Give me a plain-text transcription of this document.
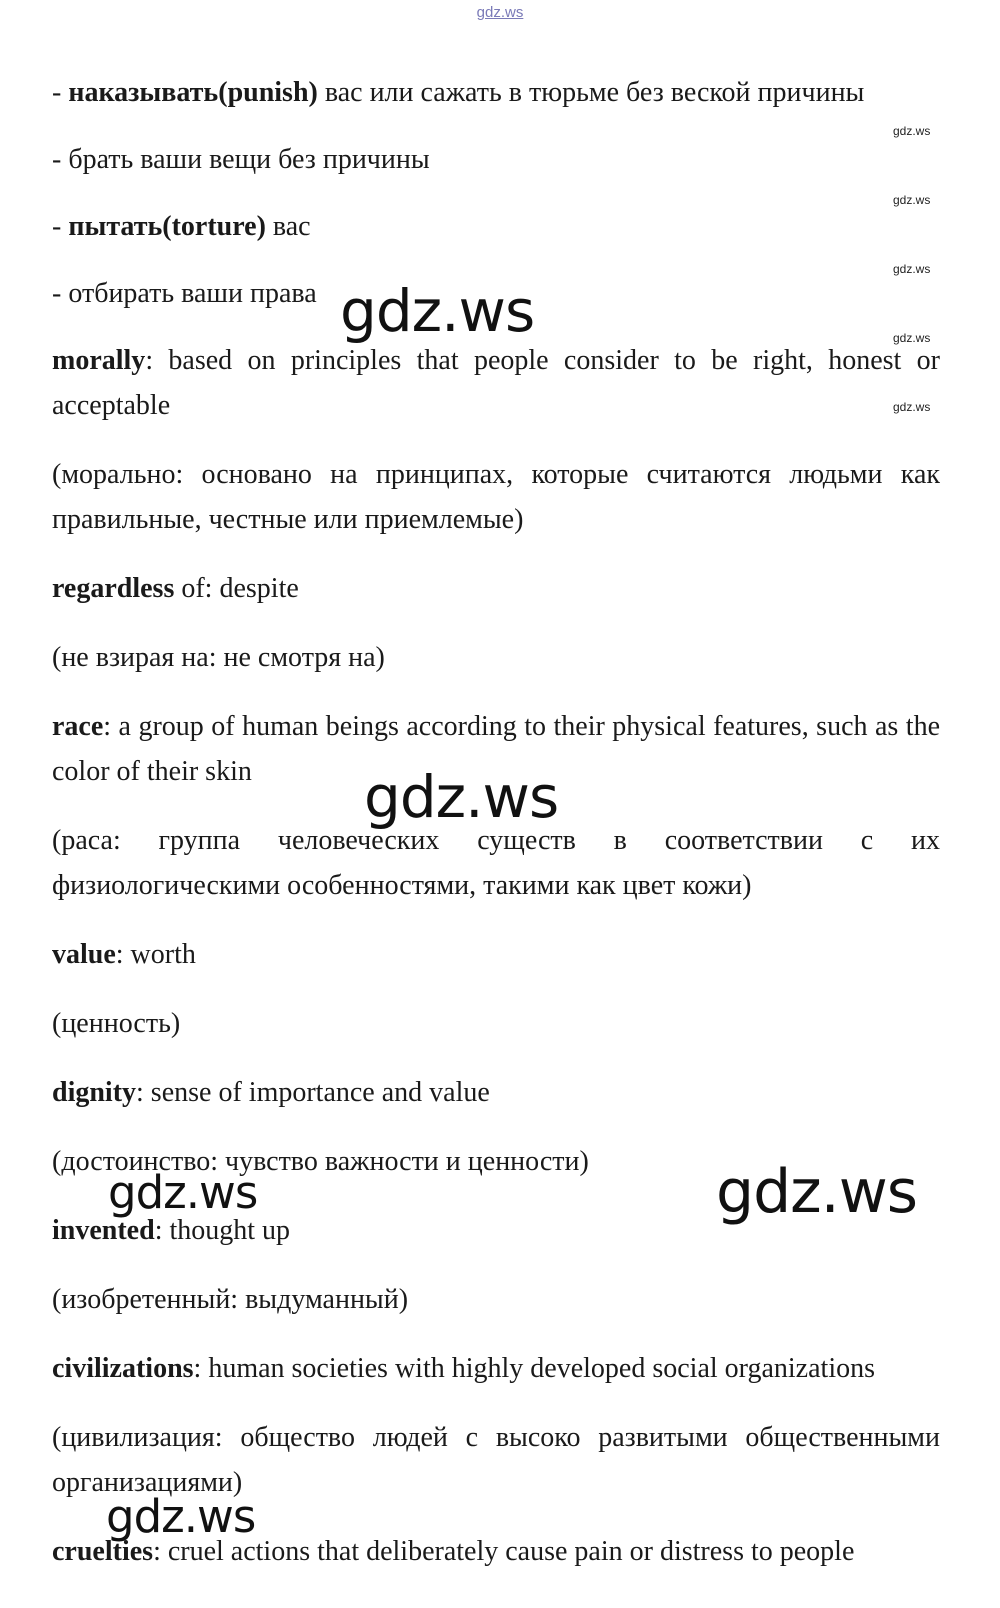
gdz.ws

- наказывать(punish) вас или сажать в тюрьме без веской причины

- брать ваши вещи без причины

- пытать(torture) вас

- отбирать ваши права

morally: based on principles that people consider to be right, honest or acceptable

(морально: основано на принципах, которые считаются людьми как правильные, честные или приемлемые)

regardless of: despite

(не взирая на: не смотря на)

race: a group of human beings according to their physical features, such as the color of their skin

(раса: группа человеческих существ в соответствии с их физиологическими особенностями, такими как цвет кожи)

value: worth

(ценность)

dignity: sense of importance and value

(достоинство: чувство важности и ценности)

invented: thought up

(изобретенный: выдуманный)

civilizations: human societies with highly developed social organizations

(цивилизация: общество людей с высоко развитыми общественными организациями)

cruelties: cruel actions that deliberately cause pain or distress to people

gdz.ws
gdz.ws
gdz.ws
gdz.ws
gdz.ws
gdz.ws
gdz.ws
gdz.ws	gdz.ws
gdz.ws
